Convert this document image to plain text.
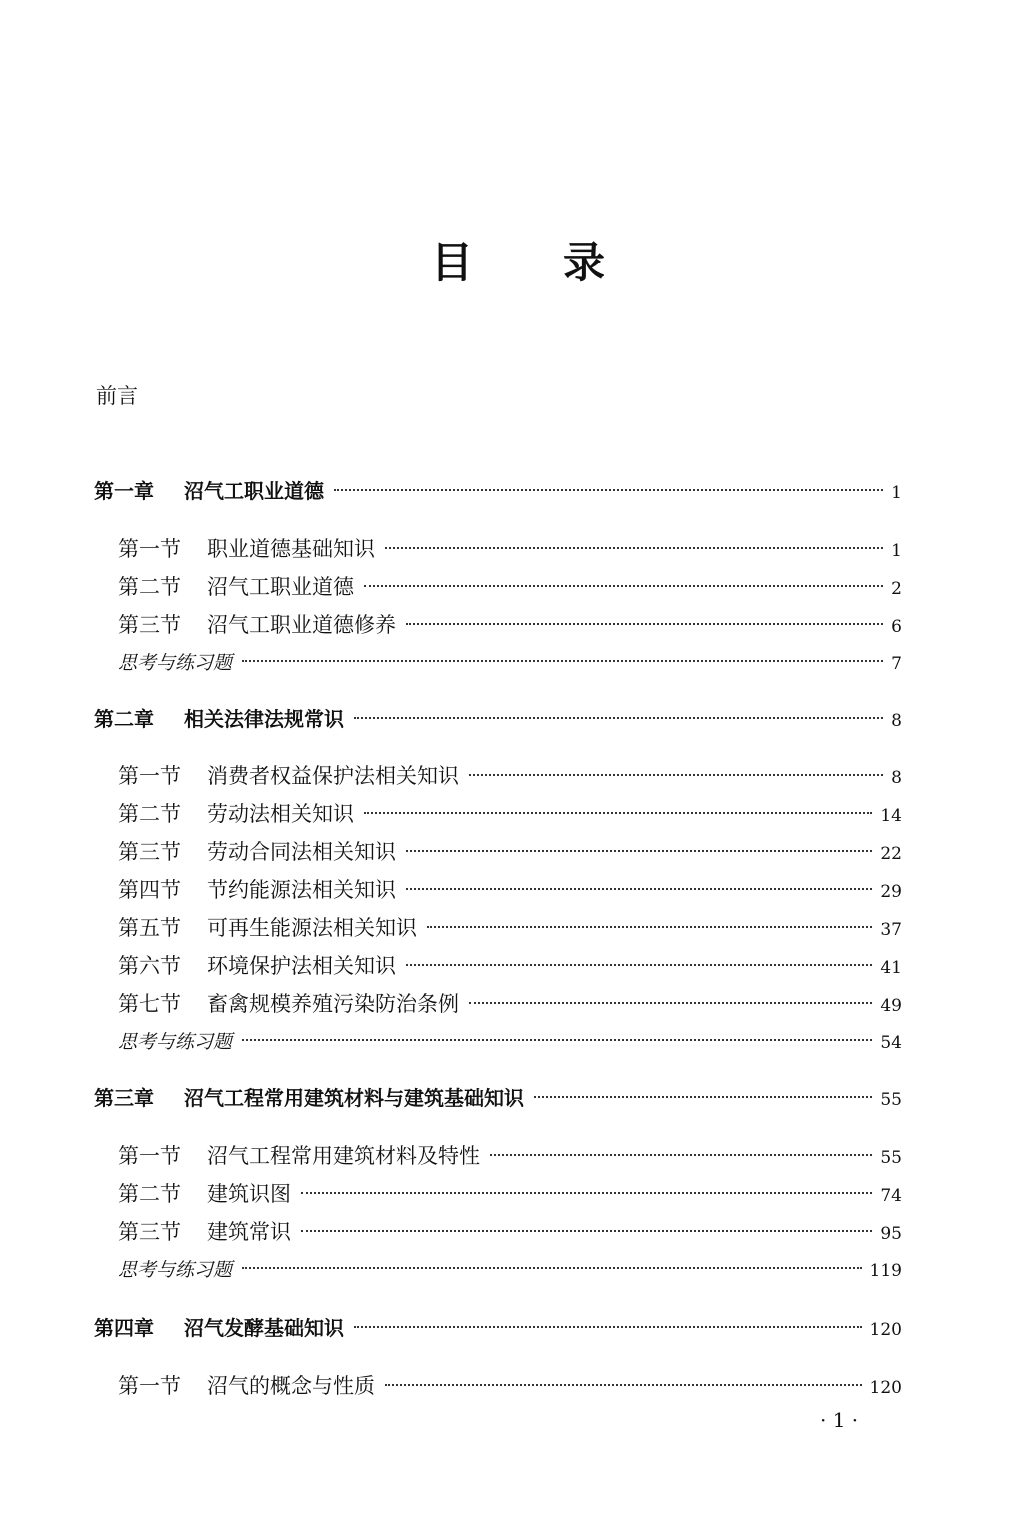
目 录
前言
第一章 沼气工职业道德	1
第一节 职业道德基础知识	1
第二节 沼气工职业道德	2
第三节 沼气工职业道德修养	6
思考与练习题	7
第二章 相关法律法规常识	8
第一节 消费者权益保护法相关知识	8
第二节 劳动法相关知识	14
第三节 劳动合同法相关知识	22
第四节 节约能源法相关知识	29
第五节 可再生能源法相关知识	37
第六节 环境保护法相关知识	41
第七节 畜禽规模养殖污染防治条例	49
思考与练习题	54
第三章 沼气工程常用建筑材料与建筑基础知识	55
第一节 沼气工程常用建筑材料及特性	55
第二节 建筑识图	74
第三节 建筑常识	95
思考与练习题	119
第四章 沼气发酵基础知识	120
第一节 沼气的概念与性质	120
· 1 ·
